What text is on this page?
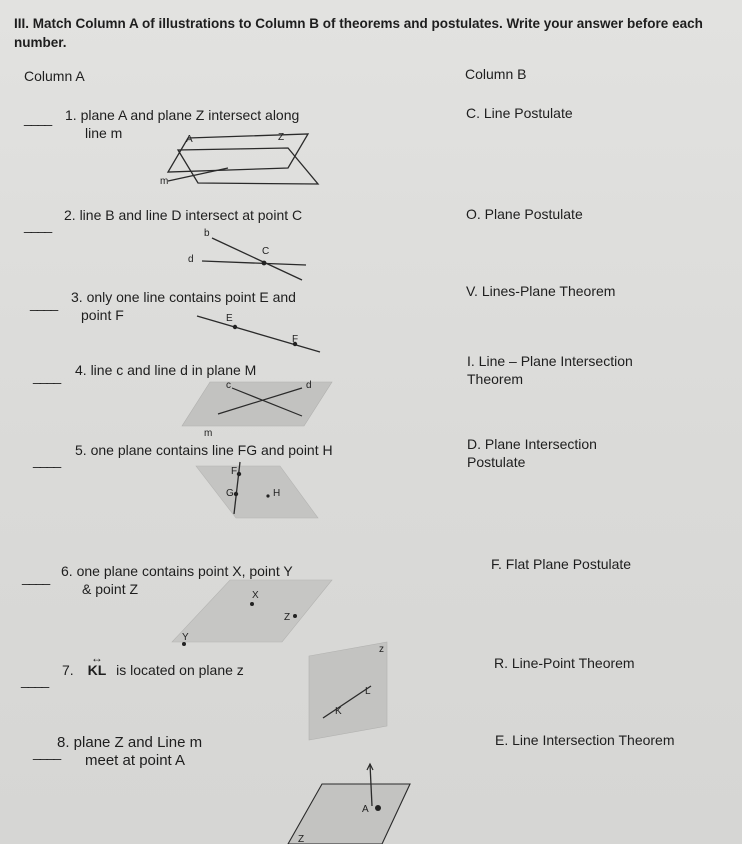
III. Match Column A of illustrations to Column B of theorems and postulates. Write your answer before each number.
Column A	Column B
____ 1. plane A and plane Z intersect along
line m	A	Z
m
____
2. line B and line D intersect at point C
b
d
C
____ 3. only one line contains point E and
point F	E
F
____ 4. line c and line d in plane M
c	d
m
____
5. one plane contains line FG and point H
F
G	H
____ 6. one plane contains point X, point Y
& point Z	X
Z
Y
____
7. ↔ KL is located on plane z
z
L
K
____
8. plane Z and Line m
meet at point A
A
Z
C. Line Postulate
O. Plane Postulate
V. Lines-Plane Theorem
I. Line – Plane Intersection
Theorem
D. Plane Intersection
Postulate
F. Flat Plane Postulate
R. Line-Point Theorem
E. Line Intersection Theorem
